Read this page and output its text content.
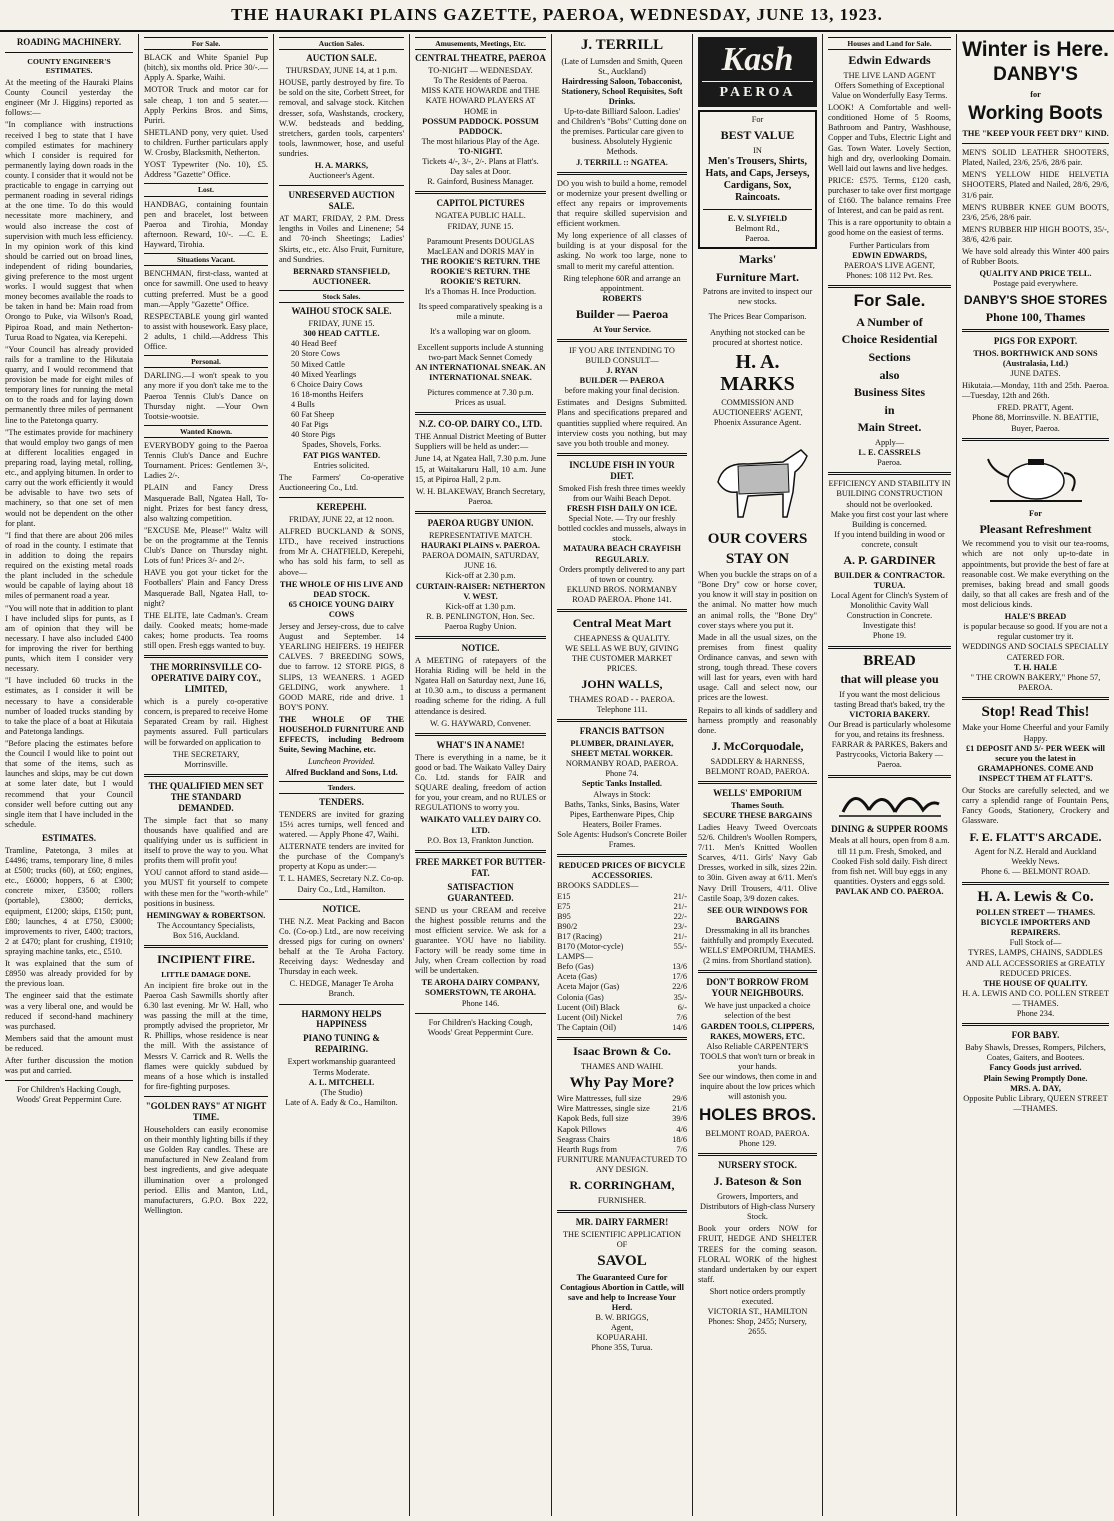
THE HAURAKI PLAINS GAZETTE, PAEROA, WEDNESDAY, JUNE 13, 1923.
ROADING MACHINERY.
COUNTY ENGINEER'S ESTIMATES.

At the meeting of the Hauraki Plains County Council yesterday the engineer (Mr J. Higgins) reported as follows:—

"In compliance with instructions received I beg to state that I have compiled estimates for machinery which I consider is required for permanently laying down roads in the county. I consider that it would not be practicable to engage in carrying out permanent roading in several ridings at the one time. To do this would necessitate more machinery, and would also increase the cost of supervision with much less efficiency. In my opinion work of this kind should be carried out on broad lines, independent of riding boundaries, giving preference to the most urgent works. I would suggest that when money becomes available the roads to be taken in hand be: Main road from Orongo to Puke, via Wilson's Road, Pipiroa Road, and main Netherton-Turua Road to Ngatea, via Kerepehi.

"Your Council has already provided rails for a tramline to the Hikutaia quarry, and I would recommend that provision be made for eight miles of temporary lines for running the metal on to the roads and for laying down permanently three miles of permanent line to the Patetonga quarry.

"The estimates provide for machinery that would employ two gangs of men at different localities engaged in preparing road, laying metal, rolling, etc., and applying bitumen. In order to carry out the work efficiently it would be advisable to have two sets of machinery, so that one set of men would not be dependent on the other for plant.

"I find that there are about 206 miles of road in the county. I estimate that in addition to doing the repairs required on the existing metal roads the plant included in the schedule would be capable of laying about 18 miles of permanent road a year.

"You will note that in addition to plant I have included slips for punts, as I am of opinion that they will be necessary. I have also included £400 for improving the river for berthing punts, which item I consider very necessary.

"I have included 60 trucks in the estimates, as I consider it will be necessary to have a considerable number of loaded trucks standing by to take the place of a boat at Hikutaia and Patetonga landings.

"Before placing the estimates before the Council I would like to point out that some of the items, such as launches and skips, may be cut down at some later date, but I would recommend that your Council consider well before cutting out any single item that I have included in the schedule.

ESTIMATES.

Tramline, Patetonga, 3 miles at £4496; trams, temporary line, 8 miles at £500; trucks (60), at £60; engines, etc., £6000; hoppers, 6 at £300; concrete mixer, £3500; rollers (portable), £3800; derricks, equipment, £1200; skips, £150; punt, £80; launches, 4 at £750, £3000; improvements to river, £400; tractors, 2 at £470; plant for crushing, £1910; spraying machine tanks, etc., £510.

It was explained that the sum of £8950 was already provided for by the previous loan.

The engineer said that the estimate was a very liberal one, and would be reduced if second-hand machinery was purchased.

Members said that the amount must be reduced.

After further discussion the motion was put and carried.

For Children's Hacking Cough,
Woods' Great Peppermint Cure.
For Sale.

BLACK and White Spaniel Pup (bitch), six months old. Price 30/-.—Apply A. Sparke, Waihi.

MOTOR Truck and motor car for sale cheap, 1 ton and 5 seater.—Apply Perkins Bros. and Sims, Puriri.

SHETLAND pony, very quiet. Used to children. Further particulars apply W. Crosby, Blacksmith, Netherton.

YOST Typewriter (No. 10), £5. Address "Gazette" Office.

Lost.

HANDBAG, containing fountain pen and bracelet, lost between Paeroa and Tirohia, Monday afternoon. Reward, 10/-. —C. E. Hayward, Tirohia.

Situations Vacant.

BENCHMAN, first-class, wanted at once for sawmill. One used to heavy cutting preferred. Must be a good man.—Apply "Gazette" Office.

RESPECTABLE young girl wanted to assist with housework. Easy place, 2 adults, 1 child.—Address This Office.

Personal.

DARLING.—I won't speak to you any more if you don't take me to the Paeroa Tennis Club's Dance on Thursday night. —Your Own Tootsie-wootsie.

Wanted Known.

EVERYBODY going to the Paeroa Tennis Club's Dance and Euchre Tournament. Prices: Gentlemen 3/-, Ladies 2/-.

PLAIN and Fancy Dress Masquerade Ball, Ngatea Hall, To-night. Prizes for best fancy dress, also waltzing competition.

"EXCUSE Me, Please!" Waltz will be on the programme at the Tennis Club's Dance on Thursday night. Lots of fun! Prices 3/- and 2/-.

HAVE you got your ticket for the Footballers' Plain and Fancy Dress Masquerade Ball, Ngatea Hall, to-night?

THE ELITE, late Cadman's. Cream daily. Cooked meats; home-made cakes; home products. Tea rooms still open. Fresh eggs wanted to buy.

THE MORRINSVILLE CO-OPERATIVE DAIRY COY., LIMITED,

which is a purely co-operative concern, is prepared to receive Home Separated Cream by rail. Highest payments assured. Full particulars will be forwarded on application to

THE SECRETARY,
Morrinsville.
THE QUALIFIED MEN SET THE STANDARD DEMANDED.

The simple fact that so many thousands have qualified and are qualifying under us is sufficient in itself to prove the way to you. What profits them will profit you!

YOU cannot afford to stand aside—you MUST fit yourself to compete with these men for the "worth-while" positions in business.

HEMINGWAY & ROBERTSON.
The Accountancy Specialists,
Box 516, Auckland.
INCIPIENT FIRE.
LITTLE DAMAGE DONE.

An incipient fire broke out in the Paeroa Cash Sawmills shortly after 6.30 last evening. Mr W. Hall, who was passing the mill at the time, promptly advised the proprietor, Mr R. Phillips, whose residence is near the mill. With the assistance of Messrs V. Carrick and R. Wells the flames were quickly subdued by means of a hose which is installed for fire-fighting purposes.

"GOLDEN RAYS" AT NIGHT TIME.

Householders can easily economise on their monthly lighting bills if they use Golden Ray candles. These are manufactured in New Zealand from best ingredients, and give adequate illumination over a prolonged period. Ellis and Manton, Ltd., manufacturers, G.P.O. Box 222, Wellington.

Auction Sales.
AUCTION SALE.
THURSDAY, JUNE 14, at 1 p.m.

HOUSE, partly destroyed by fire. To be sold on the site, Corbett Street, for removal, and salvage stock. Kitchen dresser, sofa, Washstands, crockery, W.W. bedsteads and bedding, stretchers, garden tools, carpenters' tools, lawnmower, hose, and useful sundries.

H. A. MARKS,
Auctioneer's Agent.
UNRESERVED AUCTION SALE.

AT MART, FRIDAY, 2 P.M. Dress lengths in Voiles and Linenene; 54 and 70-inch Sheetings; Ladies' Skirts, etc., etc. Also Fruit, Furniture, and Sundries.

BERNARD STANSFIELD, AUCTIONEER.
Stock Sales.
WAIHOU STOCK SALE.
FRIDAY, JUNE 15.
300 HEAD CATTLE.
40 Head Beef
20 Store Cows
50 Mixed Cattle
40 Mixed Yearlings
6 Choice Dairy Cows
16 18-months Heifers
4 Bulls
60 Fat Sheep
40 Fat Pigs
40 Store Pigs
Spades, Shovels, Forks.
FAT PIGS WANTED.
Entries solicited.

The Farmers' Co-operative Auctioneering Co., Ltd.

KEREPEHI.
FRIDAY, JUNE 22, at 12 noon.

ALFRED BUCKLAND & SONS, LTD., have received instructions from Mr A. CHATFIELD, Kerepehi, who has sold his farm, to sell as above—

THE WHOLE OF HIS LIVE AND DEAD STOCK.
65 CHOICE YOUNG DAIRY COWS

Jersey and Jersey-cross, due to calve August and September. 14 YEARLING HEIFERS. 19 HEIFER CALVES. 7 BREEDING SOWS, due to farrow. 12 STORE PIGS, 8 SLIPS, 13 WEANERS. 1 AGED GELDING, work anywhere. 1 GOOD MARE, ride and drive. 1 BOY'S PONY.

THE WHOLE OF THE HOUSEHOLD FURNITURE AND EFFECTS, including Bedroom Suite, Sewing Machine, etc.

Luncheon Provided.
Alfred Buckland and Sons, Ltd.
Tenders.
TENDERS.

TENDERS are invited for grazing 15½ acres turnips, well fenced and watered. — Apply Phone 47, Waihi.

ALTERNATE tenders are invited for the purchase of the Company's property at Kopu as under:—

T. L. HAMES, Secretary N.Z. Co-op. Dairy Co., Ltd., Hamilton.
NOTICE.

THE N.Z. Meat Packing and Bacon Co. (Co-op.) Ltd., are now receiving dressed pigs for curing on owners' behalf at the Te Aroha Factory. Receiving days: Wednesday and Thursday in each week.

C. HEDGE, Manager Te Aroha Branch.
HARMONY HELPS HAPPINESS
PIANO TUNING & REPAIRING.
Expert workmanship guaranteed
Terms Moderate.
A. L. MITCHELL
(The Studio)
Late of A. Eady & Co., Hamilton.
Amusements, Meetings, Etc.
CENTRAL THEATRE, PAEROA
TO-NIGHT — WEDNESDAY.
To The Residents of Paeroa.
MISS KATE HOWARDE and THE KATE HOWARD PLAYERS AT HOME in
POSSUM PADDOCK. POSSUM PADDOCK.
The most hilarious Play of the Age.
TO-NIGHT.
Tickets 4/-, 3/-, 2/-. Plans at Flatt's. Day sales at Door.
R. Gainford, Business Manager.
CAPITOL PICTURES
NGATEA PUBLIC HALL.
FRIDAY, JUNE 15.
Paramount Presents DOUGLAS MacLEAN and DORIS MAY in
THE ROOKIE'S RETURN. THE ROOKIE'S RETURN. THE ROOKIE'S RETURN.
It's a Thomas H. Ince Production.
Its speed comparatively speaking is a mile a minute.
It's a walloping war on gloom.
Excellent supports include A stunning two-part Mack Sennet Comedy
AN INTERNATIONAL SNEAK. AN INTERNATIONAL SNEAK.
Pictures commence at 7.30 p.m.
Prices as usual.
N.Z. CO-OP. DAIRY CO., LTD.

THE Annual District Meeting of Butter Suppliers will be held as under:—

June 14, at Ngatea Hall, 7.30 p.m. June 15, at Waitakaruru Hall, 10 a.m. June 15, at Pipiroa Hall, 2 p.m.

W. H. BLAKEWAY, Branch Secretary, Paeroa.
PAEROA RUGBY UNION.
REPRESENTATIVE MATCH.
HAURAKI PLAINS v. PAEROA.
PAEROA DOMAIN, SATURDAY, JUNE 16.
Kick-off at 2.30 p.m.
CURTAIN-RAISER: NETHERTON V. WEST.
Kick-off at 1.30 p.m.
R. B. PENLINGTON, Hon. Sec. Paeroa Rugby Union.
NOTICE.

A MEETING of ratepayers of the Horahia Riding will be held in the Ngatea Hall on Saturday next, June 16, at 10.30 a.m., to discuss a permanent roading scheme for the riding. A full attendance is desired.

W. G. HAYWARD, Convener.
WHAT'S IN A NAME!

There is everything in a name, be it good or bad. The Waikato Valley Dairy Co. Ltd. stands for FAIR and SQUARE dealing, freedom of action for you, your cream, and no RULES or REGULATIONS to worry you.

WAIKATO VALLEY DAIRY CO. LTD.
P.O. Box 13, Frankton Junction.
FREE MARKET FOR BUTTER-FAT.
SATISFACTION GUARANTEED.

SEND us your CREAM and receive the highest possible returns and the most efficient service. We ask for a guarantee. YOU have no liability. Factory will be ready some time in July, when Cream collection by road will be undertaken.

TE AROHA DAIRY COMPANY, SOMERSTOWN, TE AROHA.
Phone 146.
For Children's Hacking Cough,
Woods' Great Peppermint Cure.
J. TERRILL
(Late of Lumsden and Smith, Queen St., Auckland)
Hairdressing Saloon, Tobacconist, Stationery, School Requisites, Soft Drinks.
Up-to-date Billiard Saloon. Ladies' and Children's "Bobs" Cutting done on the premises. Particular care given to business. Absolutely Hygienic Methods.
J. TERRILL :: NGATEA.

DO you wish to build a home, remodel or modernize your present dwelling or effect any repairs or improvements that require skilled supervision and efficient workmen.

My long experience of all classes of building is at your disposal for the asking. No work too large, none to small to merit my careful attention.

Ring telephone 60R and arrange an appointment.
ROBERTS
Builder — Paeroa
At Your Service.
IF YOU ARE INTENDING TO BUILD CONSULT—
J. RYAN
BUILDER — PAEROA
before making your final decision.

Estimates and Designs Submitted. Plans and specifications prepared and quantities supplied where required. An interview costs you nothing, but may save you both trouble and money.

INCLUDE FISH IN YOUR DIET.
Smoked Fish fresh three times weekly from our Waihi Beach Depot.
FRESH FISH DAILY ON ICE.
Special Note. — Try our freshly bottled cockles and mussels, always in stock.
MATAURA BEACH CRAYFISH REGULARLY.
Orders promptly delivered to any part of town or country.
EKLUND BROS. NORMANBY ROAD PAEROA. Phone 141.
Central Meat Mart
CHEAPNESS & QUALITY.
WE SELL AS WE BUY, GIVING THE CUSTOMER MARKET PRICES.
JOHN WALLS,
THAMES ROAD - - PAEROA.
Telephone 111.
FRANCIS BATTSON
PLUMBER, DRAINLAYER, SHEET METAL WORKER.
NORMANBY ROAD, PAEROA. Phone 74.
Septic Tanks Installed.
Always in Stock:
Baths, Tanks, Sinks, Basins, Water Pipes, Earthenware Pipes, Chip Heaters, Boiler Frames.
Sole Agents: Hudson's Concrete Boiler Frames.
REDUCED PRICES OF BICYCLE ACCESSORIES.
BROOKS SADDLES—
E15	21/-
E75	21/-
B95	22/-
B90/2	23/-
B17 (Racing)	21/-
B170 (Motor-cycle)	55/-
LAMPS—
Befo (Gas)	13/6
Aceta (Gas)	17/6
Aceta Major (Gas)	22/6
Colonia (Gas)	35/-
Lucent (Oil) Black	6/-
Lucent (Oil) Nickel	7/6
The Captain (Oil)	14/6
Isaac Brown & Co.
THAMES AND WAIHI.
Why Pay More?
Wire Mattresses, full size	29/6
Wire Mattresses, single size	21/6
Kapok Beds, full size	39/6
Kapok Pillows	4/6
Seagrass Chairs	18/6
Hearth Rugs from	7/6
FURNITURE MANUFACTURED TO ANY DESIGN.
R. CORRINGHAM,
FURNISHER.
MR. DAIRY FARMER!
THE SCIENTIFIC APPLICATION OF
SAVOL
The Guaranteed Cure for Contagious Abortion in Cattle, will save and help to Increase Your Herd.
B. W. BRIGGS,
Agent,
KOPUARAHI.
Phone 35S, Turua.
Kash
PAEROA
For
BEST VALUE
IN
Men's Trousers, Shirts, Hats, and Caps, Jerseys, Cardigans, Sox, Raincoats.
E. V. SLYFIELD
Belmont Rd.,
Paeroa.
Marks'
Furniture Mart.
Patrons are invited to inspect our new stocks.
The Prices Bear Comparison.
Anything not stocked can be procured at shortest notice.
H. A. MARKS
COMMISSION AND AUCTIONEERS' AGENT,
Phoenix Assurance Agent.
OUR COVERS
STAY ON

When you buckle the straps on of a "Bone Dry" cow or horse cover, you know it will stay in position on the animal. No matter how much an animal rolls, the "Bone Dry" cover stays where you put it.

Made in all the usual sizes, on the premises from finest quality Ordinance canvas, and sewn with strong, tough thread. These covers will last for years, even with hard usage. Call and select now, our prices are the lowest.

Repairs to all kinds of saddlery and harness promptly and reasonably done.

J. McCorquodale,
SADDLERY & HARNESS, BELMONT ROAD, PAEROA.
WELLS' EMPORIUM
Thames South.
SECURE THESE BARGAINS

Ladies Heavy Tweed Overcoats 52/6. Children's Woollen Rompers, 7/11. Men's Knitted Woollen Scarves, 4/11. Girls' Navy Gab Dresses, worked in silk, sizes 22in. to 30in. Given away at 6/11. Men's Navy Drill Trousers, 4/11. Olive Castile Soap, 3/9 dozen cakes.

SEE OUR WINDOWS FOR BARGAINS
Dressmaking in all its branches faithfully and promptly Executed.
WELLS' EMPORIUM, THAMES. (2 mins. from Shortland station).
DON'T BORROW FROM YOUR NEIGHBOURS.
We have just unpacked a choice selection of the best
GARDEN TOOLS, CLIPPERS, RAKES, MOWERS, ETC.
Also Reliable CARPENTER'S TOOLS that won't turn or break in your hands.
See our windows, then come in and inquire about the low prices which will astonish you.
HOLES BROS.
BELMONT ROAD, PAEROA. Phone 129.
NURSERY STOCK.
J. Bateson & Son
Growers, Importers, and Distributors of High-class Nursery Stock.

Book your orders NOW for FRUIT, HEDGE AND SHELTER TREES for the coming season. FLORAL WORK of the highest standard undertaken by our expert staff.

Short notice orders promptly executed.
VICTORIA ST., HAMILTON
Phones: Shop, 2455; Nursery, 2655.
Houses and Land for Sale.
Edwin Edwards
THE LIVE LAND AGENT
Offers Something of Exceptional Value on Wonderfully Easy Terms.

LOOK! A Comfortable and well-conditioned Home of 5 Rooms, Bathroom and Pantry, Washhouse, Copper and Tubs, Electric Light and Gas. Town Water. Lovely Section, high and dry, overlooking Domain. Well laid out lawns and live hedges.

PRICE: £575. Terms, £120 cash, purchaser to take over first mortgage of £160. The balance remains Free of Interest, and can be paid as rent.

This is a rare opportunity to obtain a good home on the easiest of terms.

Further Particulars from
EDWIN EDWARDS,
PAEROA'S LIVE AGENT,
Phones: 108 112 Pvt. Res.
For Sale.
A Number of
Choice Residential
Sections
also
Business Sites
in
Main Street.
Apply—
L. E. CASSRELS
Paeroa.
EFFICIENCY AND STABILITY IN BUILDING CONSTRUCTION should not be overlooked.
Make you first cost your last where Building is concerned.
If you intend building in wood or concrete, consult
A. P. GARDINER
BUILDER & CONTRACTOR. TURUA.
Local Agent for Clinch's System of Monolithic Cavity Wall Construction in Concrete. Investigate this!
Phone 19.
BREAD
that will please you
If you want the most delicious tasting Bread that's baked, try the
VICTORIA BAKERY.
Our Bread is particularly wholesome for you, and retains its freshness.
FARRAR & PARKES, Bakers and Pastrycooks, Victoria Bakery — Paeroa.
DINING & SUPPER ROOMS
Meals at all hours, open from 8 a.m. till 11 p.m. Fresh, Smoked, and Cooked Fish sold daily. Fish direct from fish net. Will buy eggs in any quantities. Oysters and eggs sold.
PAVLAK AND CO. PAEROA.
Winter is Here.
DANBY'S
for
Working Boots
THE "KEEP YOUR FEET DRY" KIND.

MEN'S SOLID LEATHER SHOOTERS, Plated, Nailed, 23/6, 25/6, 28/6 pair.

MEN'S YELLOW HIDE HELVETIA SHOOTERS, Plated and Nailed, 28/6, 29/6, 31/6 pair.

MEN'S RUBBER KNEE GUM BOOTS, 23/6, 25/6, 28/6 pair.

MEN'S RUBBER HIP HIGH BOOTS, 35/-, 38/6, 42/6 pair.

We have sold already this Winter 400 pairs of Rubber Boots.

QUALITY AND PRICE TELL.
Postage paid everywhere.
DANBY'S SHOE STORES
Phone 100, Thames
PIGS FOR EXPORT.
THOS. BORTHWICK AND SONS (Australasia, Ltd.)
JUNE DATES.

Hikutaia.—Monday, 11th and 25th. Paeroa.—Tuesday, 12th and 26th.

FRED. PRATT, Agent.
Phone 88, Morrinsville. N. BEATTIE, Buyer, Paeroa.
For
Pleasant Refreshment

We recommend you to visit our tea-rooms, which are not only up-to-date in appointments, but provide the best of fare at reasonable cost. We make everything on the premises, baking bread and small goods daily, so that all cakes are fresh and of the most delicious kinds.

HALE'S BREAD
is popular because so good. If you are not a regular customer try it.
WEDDINGS AND SOCIALS SPECIALLY CATERED FOR.
T. H. HALE
" THE CROWN BAKERY," Phone 57, PAEROA.
Stop! Read This!
Make your Home Cheerful and your Family Happy.
£1 DEPOSIT AND 5/- PER WEEK will secure you the latest in GRAMAPHONES. COME AND INSPECT THEM AT FLATT'S.

Our Stocks are carefully selected, and we carry a splendid range of Fountain Pens, Fancy Goods, Stationery, Crockery and Glassware.

F. E. FLATT'S ARCADE.
Agent for N.Z. Herald and Auckland Weekly News.
Phone 6. — BELMONT ROAD.
H. A. Lewis & Co.
POLLEN STREET — THAMES.
BICYCLE IMPORTERS AND REPAIRERS.
Full Stock of—
TYRES, LAMPS, CHAINS, SADDLES AND ALL ACCESSORIES at GREATLY REDUCED PRICES.
THE HOUSE OF QUALITY.
H. A. LEWIS AND CO. POLLEN STREET — THAMES.
Phone 234.
FOR BABY.
Baby Shawls, Dresses, Rompers, Pilchers, Coates, Gaiters, and Bootees.
Fancy Goods just arrived.
Plain Sewing Promptly Done.
MRS. A. DAY,
Opposite Public Library, QUEEN STREET—THAMES.
